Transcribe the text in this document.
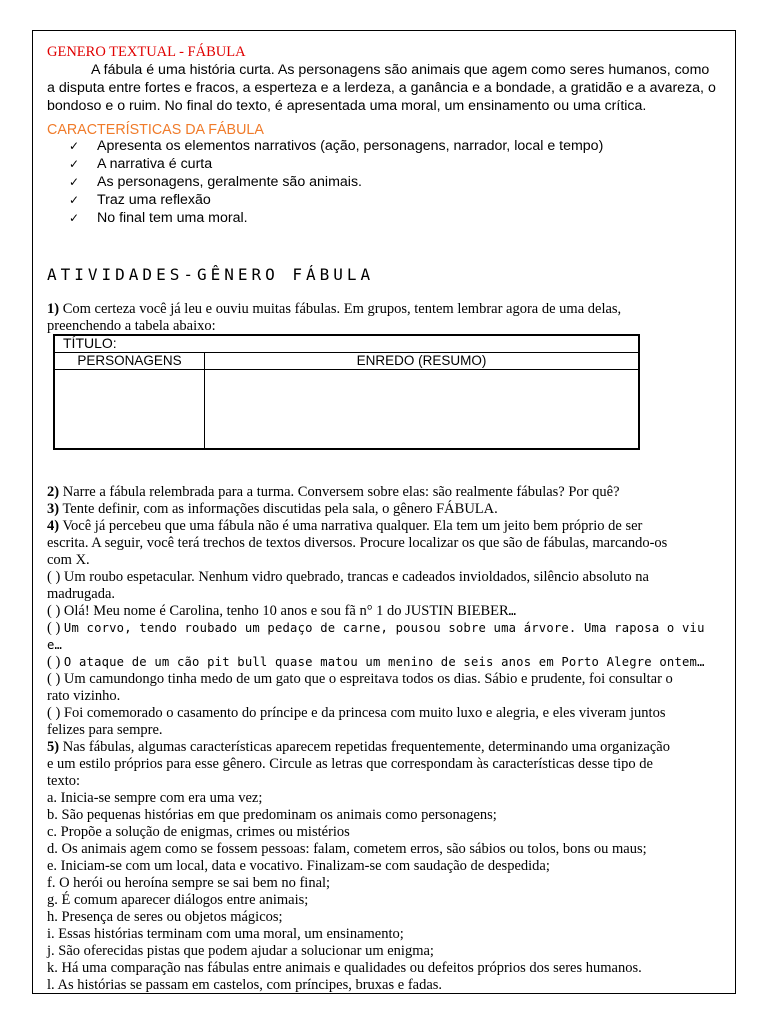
GENERO TEXTUAL - FÁBULA

A fábula é uma história curta. As personagens são animais que agem como seres humanos, como

a disputa entre fortes e fracos, a esperteza e a lerdeza, a ganância e a bondade, a gratidão e a avareza, o

bondoso e o ruim. No final do texto, é apresentada uma moral, um ensinamento ou uma crítica.

CARACTERÍSTICAS DA FÁBULA
✓	Apresenta os elementos narrativos (ação, personagens, narrador, local e tempo)
✓	A narrativa é curta
✓	As personagens, geralmente são animais.
✓	Traz uma reflexão
✓	No final tem uma moral.
ATIVIDADES-GÊNERO FÁBULA

1) Com certeza você já leu e ouviu muitas fábulas. Em grupos, tentem lembrar agora de uma delas,

preenchendo a tabela abaixo:

TÍTULO:
PERSONAGENS	ENREDO (RESUMO)

2) Narre a fábula relembrada para a turma. Conversem sobre elas: são realmente fábulas? Por quê?

3) Tente definir, com as informações discutidas pela sala, o gênero FÁBULA.

4) Você já percebeu que uma fábula não é uma narrativa qualquer. Ela tem um jeito bem próprio de ser

escrita. A seguir, você terá trechos de textos diversos. Procure localizar os que são de fábulas, marcando-os

com X.

( ) Um roubo espetacular. Nenhum vidro quebrado, trancas e cadeados invioldados, silêncio absoluto na

madrugada.

( ) Olá! Meu nome é Carolina, tenho 10 anos e sou fã n° 1 do JUSTIN BIEBER…

( ) Um corvo, tendo roubado um pedaço de carne, pousou sobre uma árvore. Uma raposa o viu e…

( ) O ataque de um cão pit bull quase matou um menino de seis anos em Porto Alegre ontem…

( ) Um camundongo tinha medo de um gato que o espreitava todos os dias. Sábio e prudente, foi consultar o

rato vizinho.

( ) Foi comemorado o casamento do príncipe e da princesa com muito luxo e alegria, e eles viveram juntos

felizes para sempre.

5) Nas fábulas, algumas características aparecem repetidas frequentemente, determinando uma organização

e um estilo próprios para esse gênero. Circule as letras que correspondam às características desse tipo de

texto:

a. Inicia-se sempre com era uma vez;

b. São pequenas histórias em que predominam os animais como personagens;

c. Propõe a solução de enigmas, crimes ou mistérios

d. Os animais agem como se fossem pessoas: falam, cometem erros, são sábios ou tolos, bons ou maus;

e. Iniciam-se com um local, data e vocativo. Finalizam-se com saudação de despedida;

f. O herói ou heroína sempre se sai bem no final;

g. É comum aparecer diálogos entre animais;

h. Presença de seres ou objetos mágicos;

i. Essas histórias terminam com uma moral, um ensinamento;

j. São oferecidas pistas que podem ajudar a solucionar um enigma;

k. Há uma comparação nas fábulas entre animais e qualidades ou defeitos próprios dos seres humanos.

l. As histórias se passam em castelos, com príncipes, bruxas e fadas.
